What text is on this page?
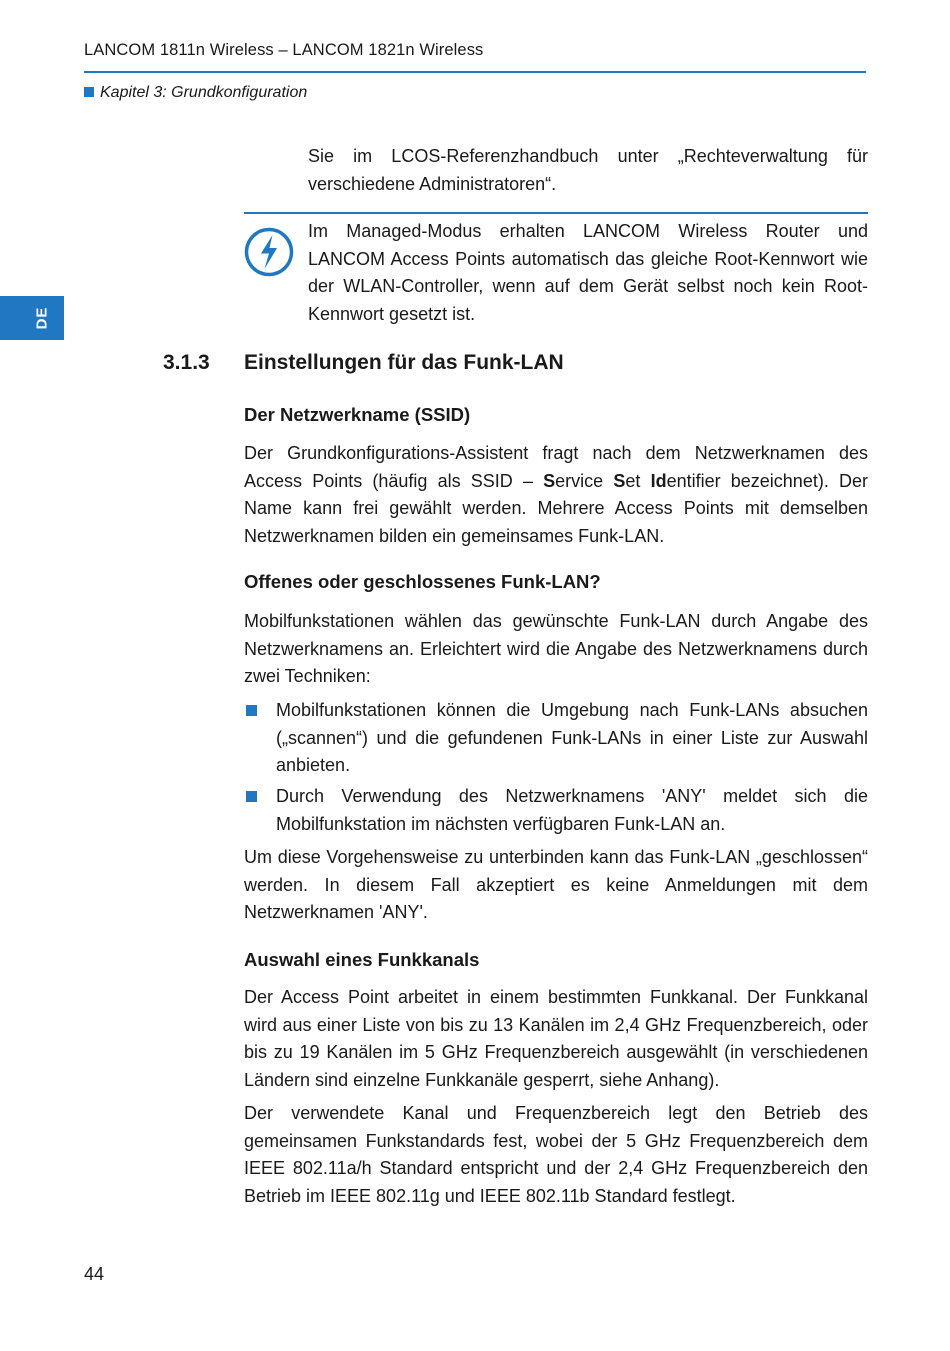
LANCOM 1811n Wireless – LANCOM 1821n Wireless
Kapitel 3: Grundkonfiguration
DE

Sie im LCOS-Referenzhandbuch unter „Rechteverwaltung für verschiedene Administratoren“.

Im Managed-Modus erhalten LANCOM Wireless Router und LANCOM Access Points automatisch das gleiche Root-Kennwort wie der WLAN-Controller, wenn auf dem Gerät selbst noch kein Root-Kennwort gesetzt ist.

3.1.3 Einstellungen für das Funk-LAN
Der Netzwerkname (SSID)

Der Grundkonfigurations-Assistent fragt nach dem Netzwerknamen des Access Points (häufig als SSID – Service Set Identifier bezeichnet). Der Name kann frei gewählt werden. Mehrere Access Points mit demselben Netzwerknamen bilden ein gemeinsames Funk-LAN.

Offenes oder geschlossenes Funk-LAN?

Mobilfunkstationen wählen das gewünschte Funk-LAN durch Angabe des Netzwerknamens an. Erleichtert wird die Angabe des Netzwerknamens durch zwei Techniken:

Mobilfunkstationen können die Umgebung nach Funk-LANs absuchen („scannen“) und die gefundenen Funk-LANs in einer Liste zur Auswahl anbieten.

Durch Verwendung des Netzwerknamens 'ANY' meldet sich die Mobilfunkstation im nächsten verfügbaren Funk-LAN an.

Um diese Vorgehensweise zu unterbinden kann das Funk-LAN „geschlossen“ werden. In diesem Fall akzeptiert es keine Anmeldungen mit dem Netzwerknamen 'ANY'.

Auswahl eines Funkkanals

Der Access Point arbeitet in einem bestimmten Funkkanal. Der Funkkanal wird aus einer Liste von bis zu 13 Kanälen im 2,4 GHz Frequenzbereich, oder bis zu 19 Kanälen im 5 GHz Frequenzbereich ausgewählt (in verschiedenen Ländern sind einzelne Funkkanäle gesperrt, siehe Anhang).

Der verwendete Kanal und Frequenzbereich legt den Betrieb des gemeinsamen Funkstandards fest, wobei der 5 GHz Frequenzbereich dem IEEE 802.11a/h Standard entspricht und der 2,4 GHz Frequenzbereich den Betrieb im IEEE 802.11g und IEEE 802.11b Standard festlegt.

44
